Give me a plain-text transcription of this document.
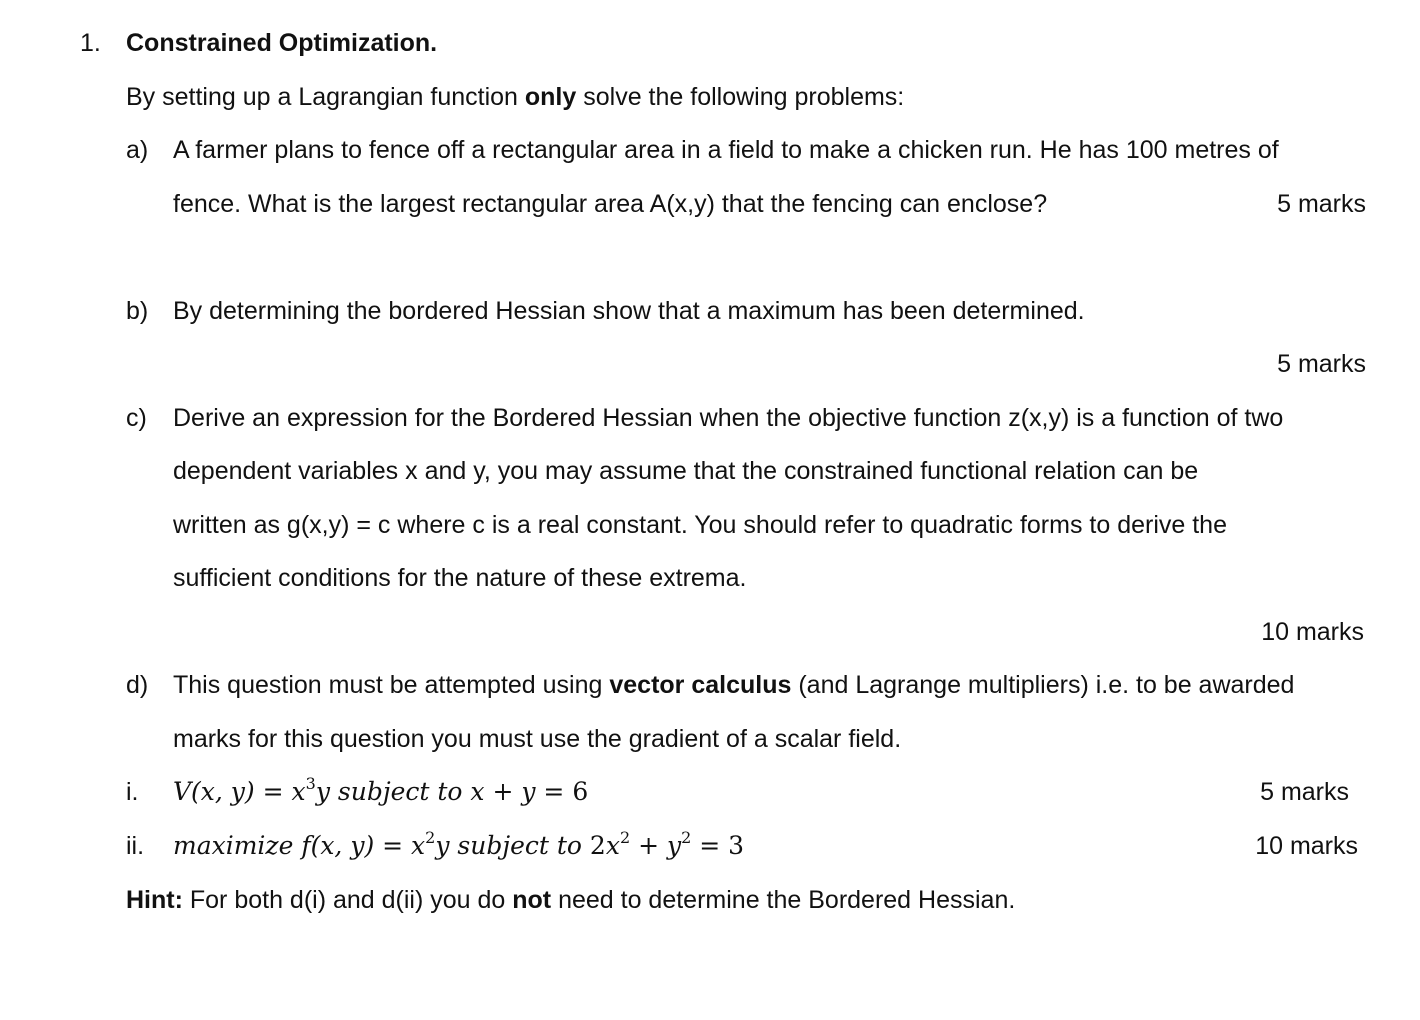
1. Constrained Optimization.
By setting up a Lagrangian function only solve the following problems:
a) A farmer plans to fence off a rectangular area in a field to make a chicken run. He has 100 metres of
fence. What is the largest rectangular area A(x,y) that the fencing can enclose?	5 marks
b) By determining the bordered Hessian show that a maximum has been determined.
5 marks
c) Derive an expression for the Bordered Hessian when the objective function z(x,y) is a function of two
dependent variables x and y, you may assume that the constrained functional relation can be
written as g(x,y) = c where c is a real constant. You should refer to quadratic forms to derive the
sufficient conditions for the nature of these extrema.
10 marks
d) This question must be attempted using vector calculus (and Lagrange multipliers) i.e. to be awarded
marks for this question you must use the gradient of a scalar field.
i. V(x, $y) = x^3y$ subject to x + y = 6	5 marks
ii. maximize f(x, $y) = x^2y$ subject to $2x^2 + y^2 = 3$	10 marks
Hint: For both d(i) and d(ii) you do not need to determine the Bordered Hessian.
